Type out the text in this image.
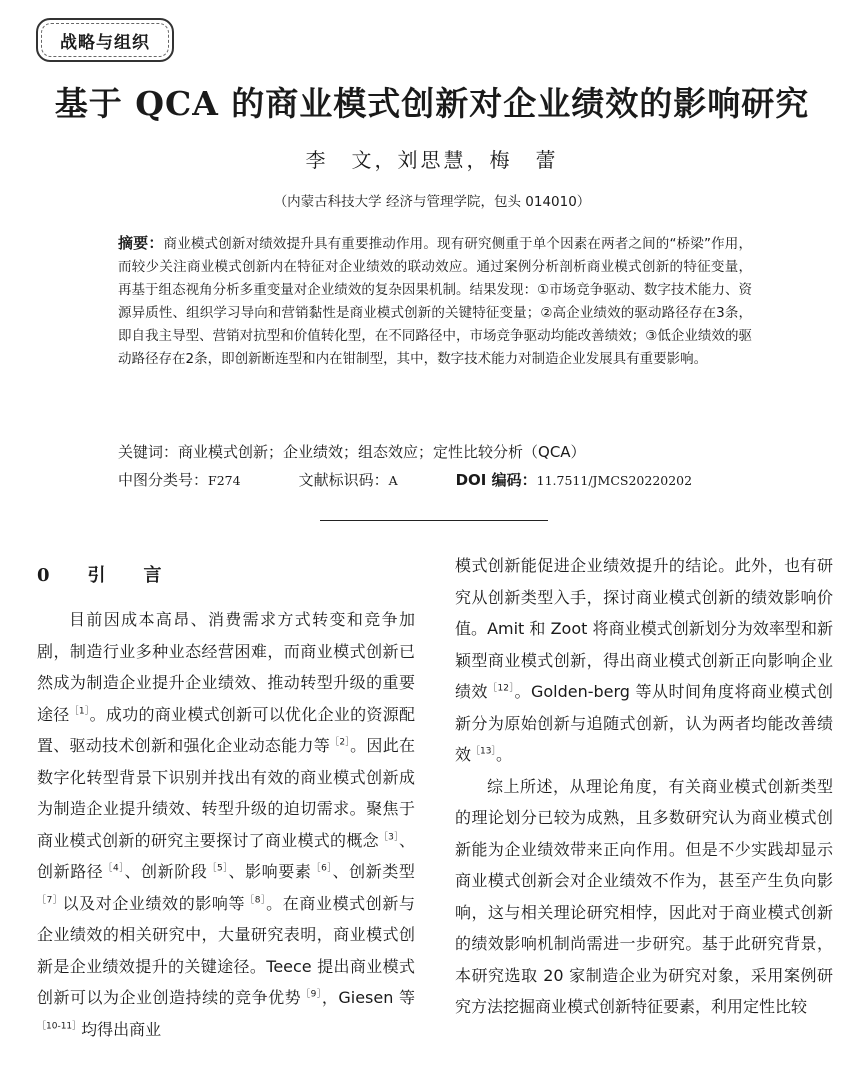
战略与组织
基于 QCA 的商业模式创新对企业绩效的影响研究
李　文，刘思慧，梅　蕾
（内蒙古科技大学 经济与管理学院，包头 014010）
摘要：商业模式创新对绩效提升具有重要推动作用。现有研究侧重于单个因素在两者之间的“桥梁”作用，而较少关注商业模式创新内在特征对企业绩效的联动效应。通过案例分析剖析商业模式创新的特征变量，再基于组态视角分析多重变量对企业绩效的复杂因果机制。结果发现：①市场竞争驱动、数字技术能力、资源异质性、组织学习导向和营销黏性是商业模式创新的关键特征变量；②高企业绩效的驱动路径存在3条，即自我主导型、营销对抗型和价值转化型，在不同路径中，市场竞争驱动均能改善绩效；③低企业绩效的驱动路径存在2条，即创新断连型和内在钳制型，其中，数字技术能力对制造企业发展具有重要影响。
关键词：商业模式创新；企业绩效；组态效应；定性比较分析（QCA）
中图分类号：F274	文献标识码：A	DOI 编码：11.7511/JMCS20220202
0　引　言

目前因成本高昂、消费需求方式转变和竞争加剧，制造行业多种业态经营困难，而商业模式创新已然成为制造企业提升企业绩效、推动转型升级的重要途径$^{[1]}$。成功的商业模式创新可以优化企业的资源配置、驱动技术创新和强化企业动态能力等$^{[2]}$。因此在数字化转型背景下识别并找出有效的商业模式创新成为制造企业提升绩效、转型升级的迫切需求。聚焦于商业模式创新的研究主要探讨了商业模式的概念$^{[3]}$、创新路径$^{[4]}$、创新阶段$^{[5]}$、影响要素$^{[6]}$、创新类型$^{[7]}$以及对企业绩效的影响等$^{[8]}$。在商业模式创新与企业绩效的相关研究中，大量研究表明，商业模式创新是企业绩效提升的关键途径。Teece 提出商业模式创新可以为企业创造持续的竞争优势$^{[9]}$，Giesen 等$^{[10-11]}$均得出商业

模式创新能促进企业绩效提升的结论。此外，也有研究从创新类型入手，探讨商业模式创新的绩效影响价值。Amit 和 Zoot 将商业模式创新划分为效率型和新颖型商业模式创新，得出商业模式创新正向影响企业绩效$^{[12]}$。Golden-berg 等从时间角度将商业模式创新分为原始创新与追随式创新，认为两者均能改善绩效$^{[13]}$。

综上所述，从理论角度，有关商业模式创新类型的理论划分已较为成熟，且多数研究认为商业模式创新能为企业绩效带来正向作用。但是不少实践却显示商业模式创新会对企业绩效不作为，甚至产生负向影响，这与相关理论研究相悖，因此对于商业模式创新的绩效影响机制尚需进一步研究。基于此研究背景，本研究选取 20 家制造企业为研究对象，采用案例研究方法挖掘商业模式创新特征要素，利用定性比较
